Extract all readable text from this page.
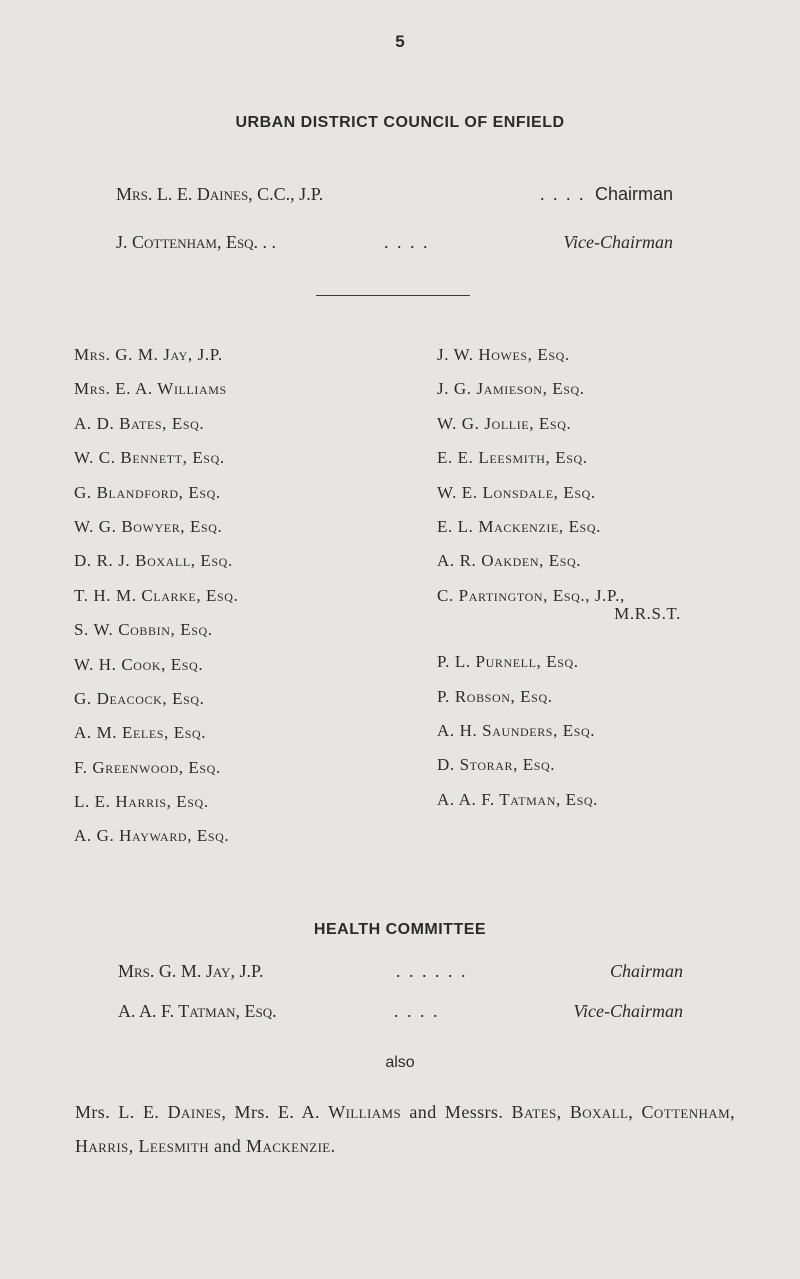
5
URBAN DISTRICT COUNCIL OF ENFIELD
Mrs. L. E. Daines, C.C., J.P.	. . . . Chairman
J. Cottenham, Esq. . .	. . . .	Vice-Chairman
Mrs. G. M. Jay, J.P.
Mrs. E. A. Williams
A. D. Bates, Esq.
W. C. Bennett, Esq.
G. Blandford, Esq.
W. G. Bowyer, Esq.
D. R. J. Boxall, Esq.
T. H. M. Clarke, Esq.
S. W. Cobbin, Esq.
W. H. Cook, Esq.
G. Deacock, Esq.
A. M. Eeles, Esq.
F. Greenwood, Esq.
L. E. Harris, Esq.
A. G. Hayward, Esq.
J. W. Howes, Esq.
J. G. Jamieson, Esq.
W. G. Jollie, Esq.
E. E. Leesmith, Esq.
W. E. Lonsdale, Esq.
E. L. Mackenzie, Esq.
A. R. Oakden, Esq.
C. Partington, Esq., J.P.,
M.R.S.T.
P. L. Purnell, Esq.
P. Robson, Esq.
A. H. Saunders, Esq.
D. Storar, Esq.
A. A. F. Tatman, Esq.
HEALTH COMMITTEE
Mrs. G. M. Jay, J.P.	. . . . . .	Chairman
A. A. F. Tatman, Esq.	. . . .	Vice-Chairman
also
Mrs. L. E. Daines, Mrs. E. A. Williams and Messrs. Bates, Boxall, Cottenham, Harris, Leesmith and Mackenzie.
